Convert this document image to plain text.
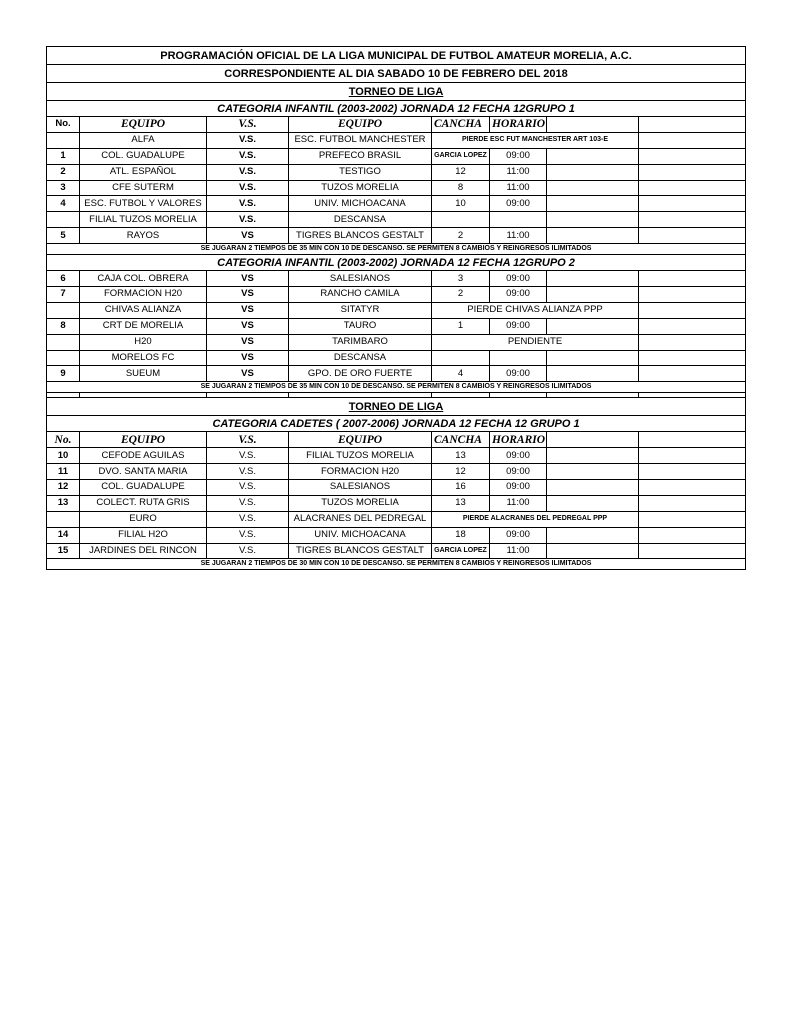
PROGRAMACIÓN OFICIAL DE LA LIGA MUNICIPAL DE FUTBOL AMATEUR MORELIA, A.C.							
CORRESPONDIENTE AL DIA SABADO 10 DE FEBRERO DEL 2018							
TORNEO DE LIGA							
CATEGORIA INFANTIL (2003-2002) JORNADA 12 FECHA 12GRUPO 1							
No.	EQUIPO	V.S.	EQUIPO	CANCHA	HORARIO		
	ALFA	V.S.	ESC. FUTBOL MANCHESTER	PIERDE ESC FUT MANCHESTER ART 103-E			
1	COL. GUADALUPE	V.S.	PREFECO BRASIL	GARCIA LOPEZ	09:00		
2	ATL. ESPAÑOL	V.S.	TESTIGO	12	11:00		
3	CFE SUTERM	V.S.	TUZOS MORELIA	8	11:00		
4	ESC. FUTBOL Y VALORES	V.S.	UNIV. MICHOACANA	10	09:00		
	FILIAL TUZOS MORELIA	V.S.	DESCANSA				
5	RAYOS	VS	TIGRES BLANCOS GESTALT	2	11:00		
SE JUGARAN 2 TIEMPOS DE 35 MIN CON 10 DE DESCANSO. SE PERMITEN 8 CAMBIOS Y REINGRESOS ILIMITADOS							
CATEGORIA INFANTIL (2003-2002) JORNADA 12 FECHA 12GRUPO 2							
6	CAJA COL. OBRERA	VS	SALESIANOS	3	09:00		
7	FORMACION H20	VS	RANCHO CAMILA	2	09:00		
	CHIVAS ALIANZA	VS	SITATYR	PIERDE CHIVAS ALIANZA PPP			
8	CRT DE MORELIA	VS	TAURO	1	09:00		
	H20	VS	TARIMBARO	PENDIENTE			
	MORELOS FC	VS	DESCANSA				
9	SUEUM	VS	GPO. DE ORO FUERTE	4	09:00		
SE JUGARAN 2 TIEMPOS DE 35 MIN CON 10 DE DESCANSO. SE PERMITEN 8 CAMBIOS Y REINGRESOS ILIMITADOS							

TORNEO DE LIGA							
CATEGORIA CADETES ( 2007-2006) JORNADA 12 FECHA 12 GRUPO 1							
No.	EQUIPO	V.S.	EQUIPO	CANCHA	HORARIO		
10	CEFODE AGUILAS	V.S.	FILIAL TUZOS MORELIA	13	09:00		
11	DVO. SANTA MARIA	V.S.	FORMACION H20	12	09:00		
12	COL. GUADALUPE	V.S.	SALESIANOS	16	09:00		
13	COLECT. RUTA GRIS	V.S.	TUZOS MORELIA	13	11:00		
	EURO	V.S.	ALACRANES DEL PEDREGAL	PIERDE ALACRANES DEL PEDREGAL PPP			
14	FILIAL H2O	V.S.	UNIV. MICHOACANA	18	09:00		
15	JARDINES DEL RINCON	V.S.	TIGRES BLANCOS GESTALT	GARCIA LOPEZ	11:00		
SE JUGARAN 2 TIEMPOS DE 30 MIN CON 10 DE DESCANSO. SE PERMITEN 8 CAMBIOS Y REINGRESOS ILIMITADOS							
